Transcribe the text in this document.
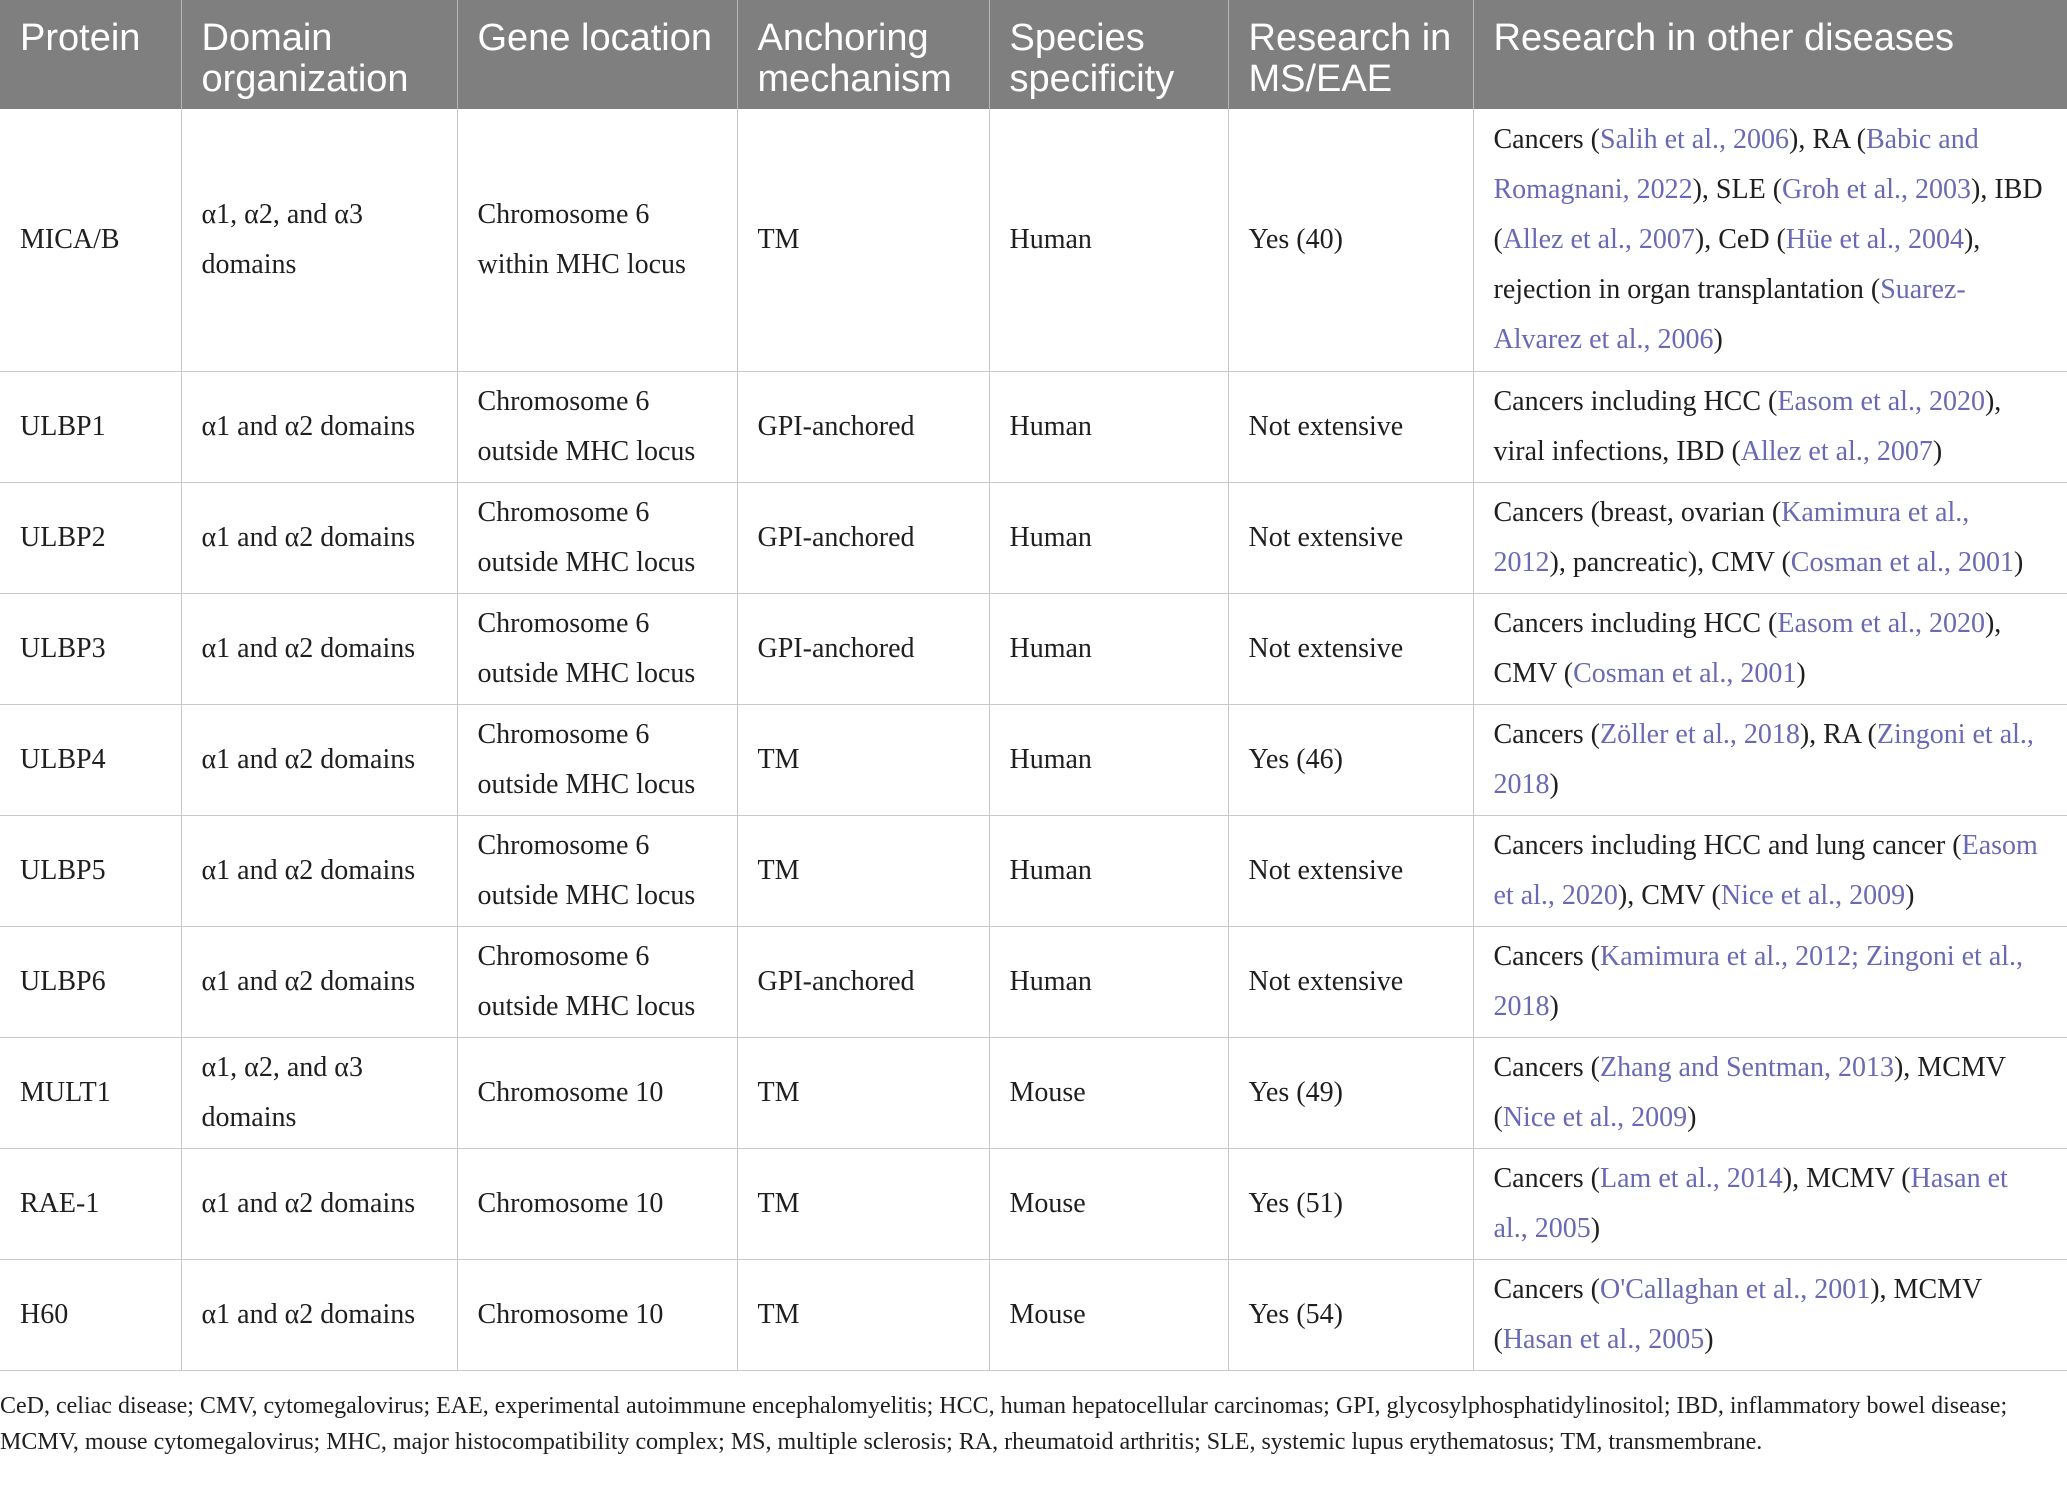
Protein	Domain organization	Gene location	Anchoring mechanism	Species specificity	Research in MS/EAE	Research in other diseases
MICA/B	α1, α2, and α3 domains	Chromosome 6 within MHC locus	TM	Human	Yes (40)	Cancers (Salih et al., 2006), RA (Babic and Romagnani, 2022), SLE (Groh et al., 2003), IBD (Allez et al., 2007), CeD (Hüe et al., 2004), rejection in organ transplantation (Suarez-Alvarez et al., 2006)
ULBP1	α1 and α2 domains	Chromosome 6 outside MHC locus	GPI-anchored	Human	Not extensive	Cancers including HCC (Easom et al., 2020), viral infections, IBD (Allez et al., 2007)
ULBP2	α1 and α2 domains	Chromosome 6 outside MHC locus	GPI-anchored	Human	Not extensive	Cancers (breast, ovarian (Kamimura et al., 2012), pancreatic), CMV (Cosman et al., 2001)
ULBP3	α1 and α2 domains	Chromosome 6 outside MHC locus	GPI-anchored	Human	Not extensive	Cancers including HCC (Easom et al., 2020), CMV (Cosman et al., 2001)
ULBP4	α1 and α2 domains	Chromosome 6 outside MHC locus	TM	Human	Yes (46)	Cancers (Zöller et al., 2018), RA (Zingoni et al., 2018)
ULBP5	α1 and α2 domains	Chromosome 6 outside MHC locus	TM	Human	Not extensive	Cancers including HCC and lung cancer (Easom et al., 2020), CMV (Nice et al., 2009)
ULBP6	α1 and α2 domains	Chromosome 6 outside MHC locus	GPI-anchored	Human	Not extensive	Cancers (Kamimura et al., 2012; Zingoni et al., 2018)
MULT1	α1, α2, and α3 domains	Chromosome 10	TM	Mouse	Yes (49)	Cancers (Zhang and Sentman, 2013), MCMV (Nice et al., 2009)
RAE-1	α1 and α2 domains	Chromosome 10	TM	Mouse	Yes (51)	Cancers (Lam et al., 2014), MCMV (Hasan et al., 2005)
H60	α1 and α2 domains	Chromosome 10	TM	Mouse	Yes (54)	Cancers (O'Callaghan et al., 2001), MCMV (Hasan et al., 2005)

CeD, celiac disease; CMV, cytomegalovirus; EAE, experimental autoimmune encephalomyelitis; HCC, human hepatocellular carcinomas; GPI, glycosylphosphatidylinositol; IBD, inflammatory bowel disease; MCMV, mouse cytomegalovirus; MHC, major histocompatibility complex; MS, multiple sclerosis; RA, rheumatoid arthritis; SLE, systemic lupus erythematosus; TM, transmembrane.
